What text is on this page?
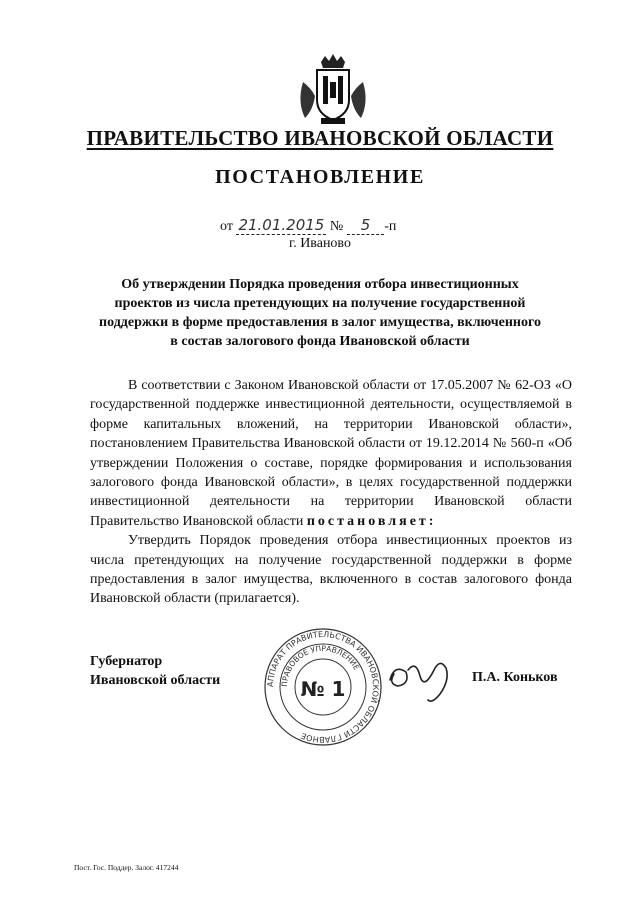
ПРАВИТЕЛЬСТВО ИВАНОВСКОЙ ОБЛАСТИ
ПОСТАНОВЛЕНИЕ
от 21.01.2015 № 5 -п
г. Иваново
Об утверждении Порядка проведения отбора инвестиционных проектов из числа претендующих на получение государственной поддержки в форме предоставления в залог имущества, включенного в состав залогового фонда Ивановской области

В соответствии с Законом Ивановской области от 17.05.2007 № 62-ОЗ «О государственной поддержке инвестиционной деятельности, осуществляемой в форме капитальных вложений, на территории Ивановской области», постановлением Правительства Ивановской области от 19.12.2014 № 560-п «Об утверждении Положения о составе, порядке формирования и использования залогового фонда Ивановской области», в целях государственной поддержки инвестиционной деятельности на территории Ивановской области Правительство Ивановской области постановляет:

Утвердить Порядок проведения отбора инвестиционных проектов из числа претендующих на получение государственной поддержки в форме предоставления в залог имущества, включенного в состав залогового фонда Ивановской области (прилагается).

Губернатор
Ивановской области	АППАРАТ ПРАВИТЕЛЬСТВА ИВАНОВСКОЙ ОБЛАСТИ ГЛАВНОЕ
ПРАВОВОЕ УПРАВЛЕНИЕ
№ 1	П.А. Коньков
Пост. Гос. Поддер. Залог. 417244
